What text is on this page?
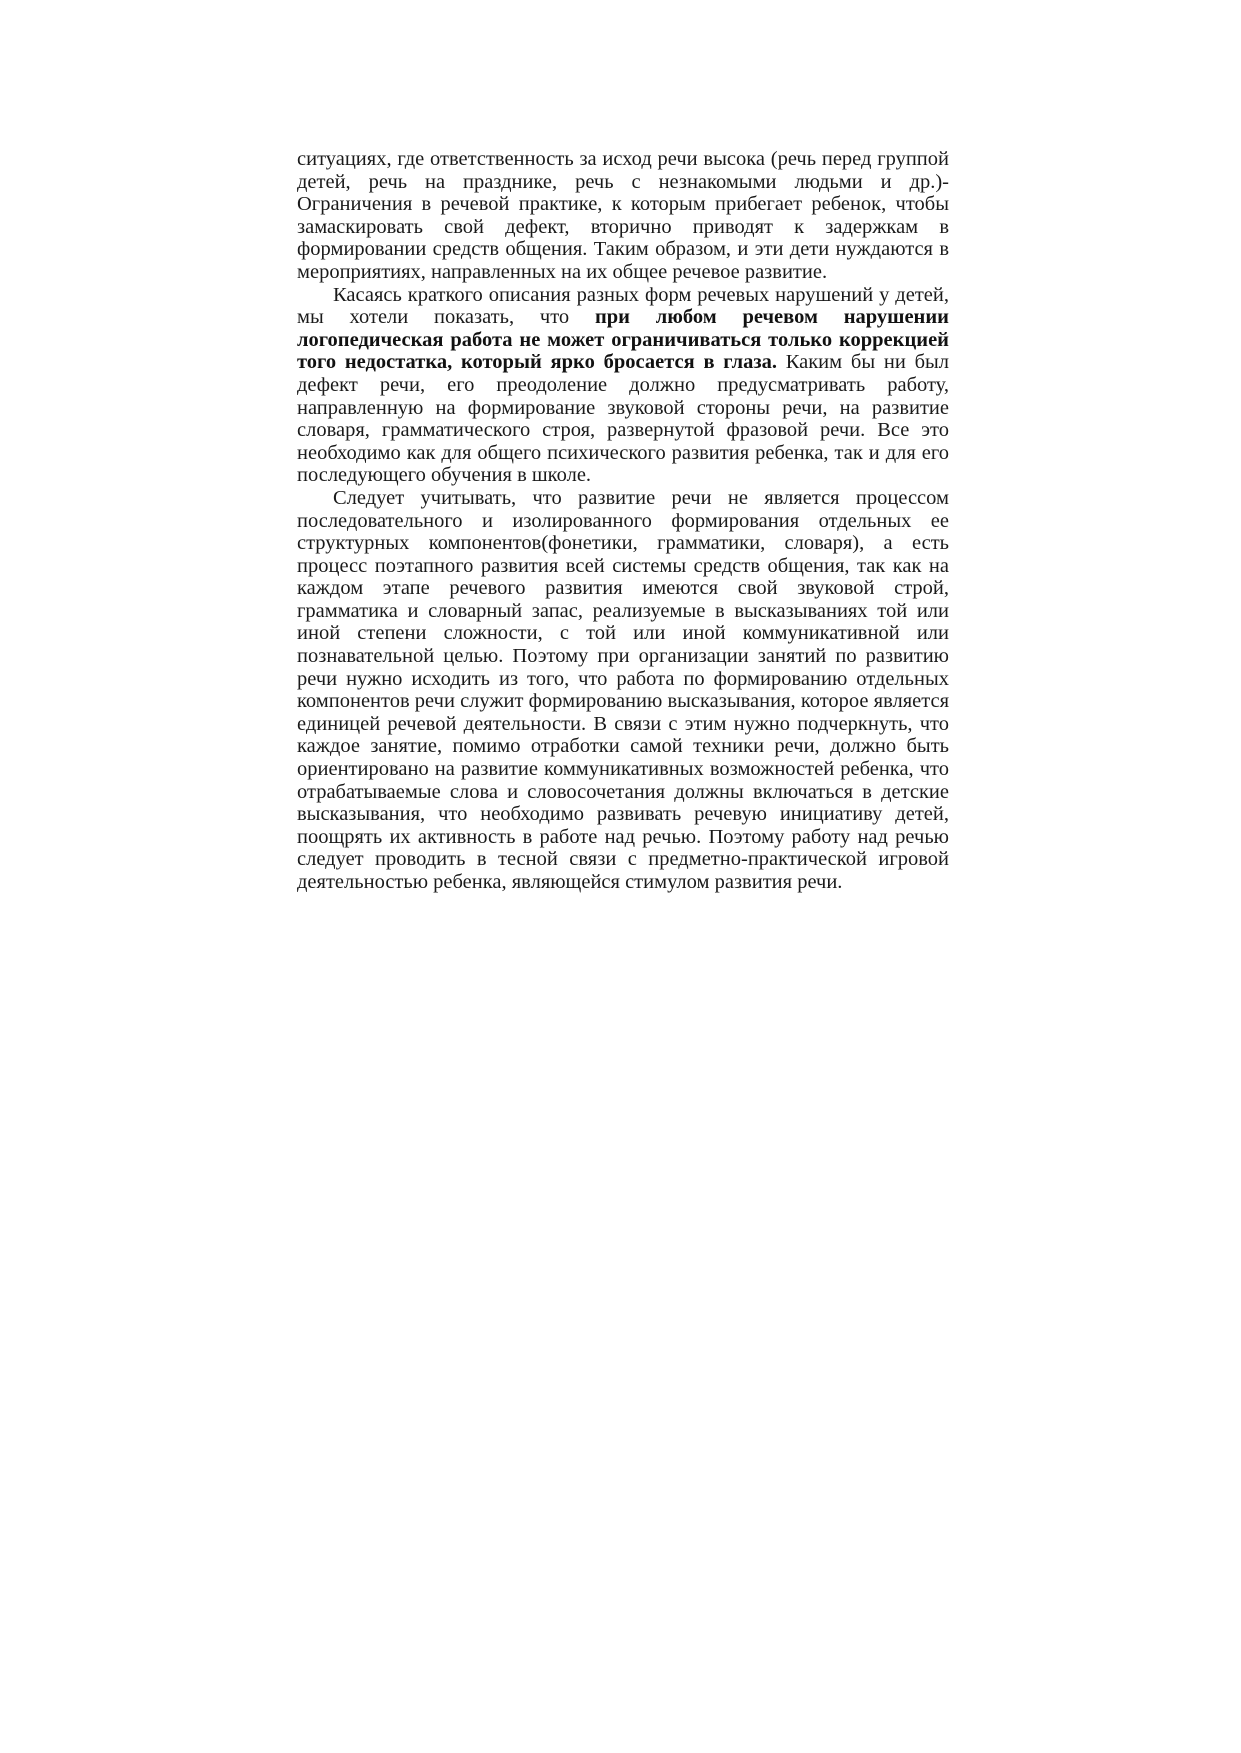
ситуациях, где ответственность за исход речи высока (речь перед группой детей, речь на празднике, речь с незнакомыми людьми и др.)- Ограничения в речевой практике, к которым прибегает ребенок, чтобы замаскировать свой дефект, вторично приводят к задержкам в формировании средств общения. Таким образом, и эти дети нуждаются в мероприятиях, направленных на их общее речевое развитие.

Касаясь краткого описания разных форм речевых нарушений у детей, мы хотели показать, что при любом речевом нарушении логопедическая работа не может ограничиваться только коррекцией того недостатка, который ярко бросается в глаза. Каким бы ни был дефект речи, его преодоление должно предусматривать работу, направленную на формирование звуковой стороны речи, на развитие словаря, грамматического строя, развернутой фразовой речи. Все это необходимо как для общего психического развития ребенка, так и для его последующего обучения в школе.

Следует учитывать, что развитие речи не является процессом последовательного и изолированного формирования отдельных ее структурных компонентов(фонетики, грамматики, словаря), а есть процесс поэтапного развития всей системы средств общения, так как на каждом этапе речевого развития имеются свой звуковой строй, грамматика и словарный запас, реализуемые в высказываниях той или иной степени сложности, с той или иной коммуникативной или познавательной целью. Поэтому при организации занятий по развитию речи нужно исходить из того, что работа по формированию отдельных компонентов речи служит формированию высказывания, которое является единицей речевой деятельности. В связи с этим нужно подчеркнуть, что каждое занятие, помимо отработки самой техники речи, должно быть ориентировано на развитие коммуникативных возможностей ребенка, что отрабатываемые слова и словосочетания должны включаться в детские высказывания, что необходимо развивать речевую инициативу детей, поощрять их активность в работе над речью. Поэтому работу над речью следует проводить в тесной связи с предметно-практической игровой деятельностью ребенка, являющейся стимулом развития речи.
